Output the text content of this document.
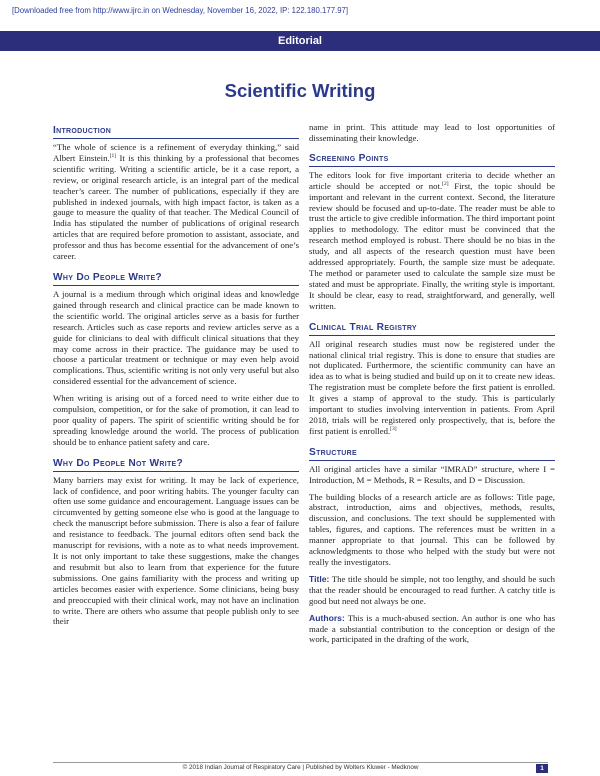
[Downloaded free from http://www.ijrc.in on Wednesday, November 16, 2022, IP: 122.180.177.97]
Editorial
Scientific Writing
Introduction

“The whole of science is a refinement of everyday thinking,” said Albert Einstein.[1] It is this thinking by a professional that becomes scientific writing. Writing a scientific article, be it a case report, a review, or original research article, is an integral part of the medical teacher’s career. The number of publications, especially if they are published in indexed journals, with high impact factor, is taken as a gauge to measure the quality of that teacher. The Medical Council of India has stipulated the number of publications of original research articles that are required before promotion to assistant, associate, and professor and thus has become essential for the advancement of one’s career.

Why Do People Write?

A journal is a medium through which original ideas and knowledge gained through research and clinical practice can be made known to the scientific world. The original articles serve as a basis for further research. Articles such as case reports and review articles serve as a guide for clinicians to deal with difficult clinical situations that they may come across in their practice. The guidance may be used to choose a particular treatment or technique or may even help avoid complications. Thus, scientific writing is not only very useful but also considered essential for the advancement of science.

When writing is arising out of a forced need to write either due to compulsion, competition, or for the sake of promotion, it can lead to poor quality of papers. The spirit of scientific writing should be for spreading knowledge around the world. The process of publication should be to enhance patient safety and care.

Why Do People Not Write?

Many barriers may exist for writing. It may be lack of experience, lack of confidence, and poor writing habits. The younger faculty can often use some guidance and encouragement. Language issues can be circumvented by getting someone else who is good at the language to check the manuscript before submission. There is also a fear of failure and resistance to feedback. The journal editors often send back the manuscript for revisions, with a note as to what needs improvement. It is not only important to take these suggestions, make the changes and resubmit but also to learn from that experience for the future submissions. One gains familiarity with the process and writing up articles becomes easier with experience. Some clinicians, being busy and preoccupied with their clinical work, may not have an inclination to write. There are others who assume that people publish only to see their

name in print. This attitude may lead to lost opportunities of disseminating their knowledge.

Screening Points

The editors look for five important criteria to decide whether an article should be accepted or not.[2] First, the topic should be important and relevant in the current context. Second, the literature review should be focused and up-to-date. The reader must be able to trust the article to give credible information. The third important point applies to methodology. The editor must be convinced that the research method employed is robust. There should be no bias in the study, and all aspects of the research question must have been addressed appropriately. Fourth, the sample size must be adequate. The method or parameter used to calculate the sample size must be stated and must be appropriate. Finally, the writing style is important. It should be clear, easy to read, straightforward, and generally, well written.

Clinical Trial Registry

All original research studies must now be registered under the national clinical trial registry. This is done to ensure that studies are not duplicated. Furthermore, the scientific community can have an idea as to what is being studied and build up on it to create new ideas. The registration must be complete before the first patient is enrolled. It gives a stamp of approval to the study. This is particularly important to studies involving intervention in patients. From April 2018, trials will be registered only prospectively, that is, before the first patient is enrolled.[3]

Structure

All original articles have a similar “IMRAD” structure, where I = Introduction, M = Methods, R = Results, and D = Discussion.

The building blocks of a research article are as follows: Title page, abstract, introduction, aims and objectives, methods, results, discussion, and conclusions. The text should be supplemented with tables, figures, and captions. The references must be written in a manner appropriate to that journal. This can be followed by acknowledgments to those who helped with the study but were not really the investigators.

Title: The title should be simple, not too lengthy, and should be such that the reader should be encouraged to read further. A catchy title is good but need not always be one.

Authors: This is a much-abused section. An author is one who has made a substantial contribution to the conception or design of the work, participated in the drafting of the work,

© 2018 Indian Journal of Respiratory Care | Published by Wolters Kluwer - Medknow	1
